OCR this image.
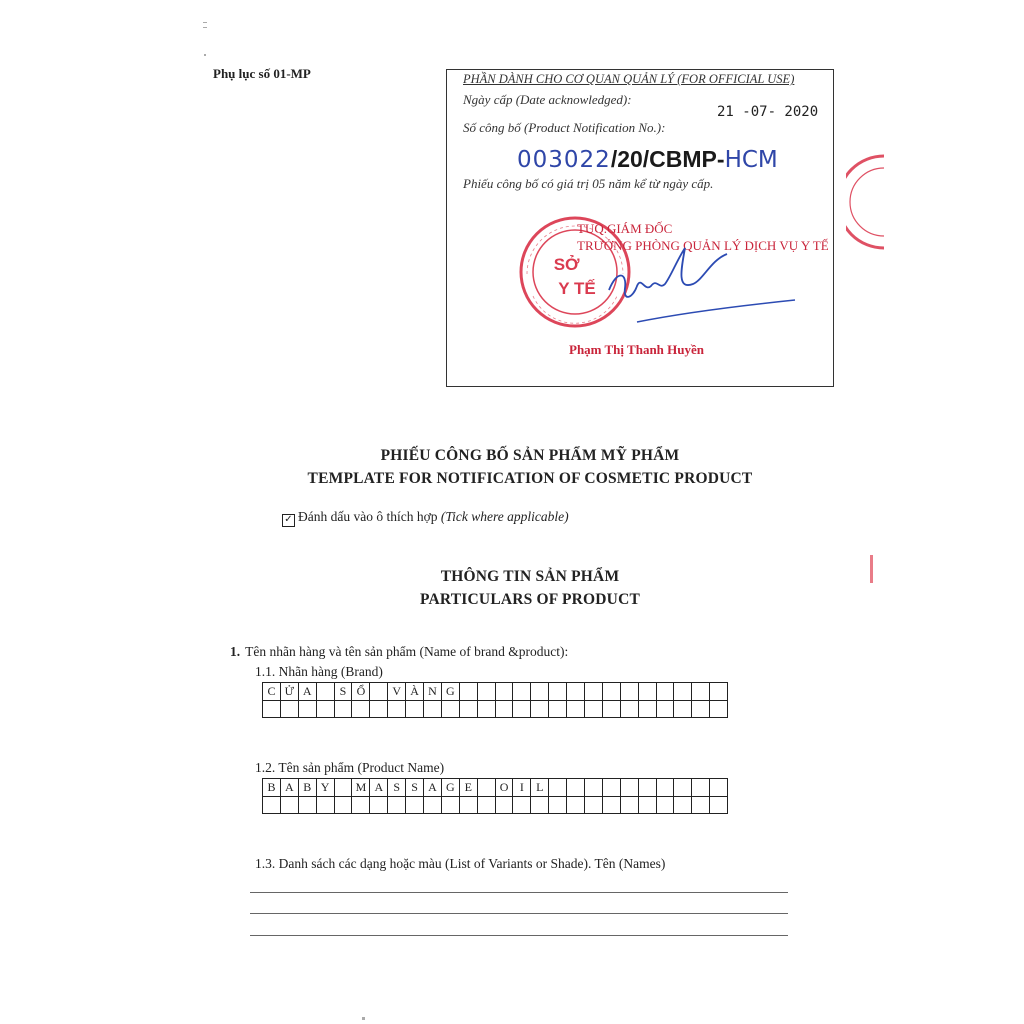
Phụ lục số 01-MP	PHẦN DÀNH CHO CƠ QUAN QUẢN LÝ (FOR OFFICIAL USE)
Ngày cấp (Date acknowledged):
21 -07- 2020
Số công bố (Product Notification No.):
003022/20/CBMP-HCM
Phiếu công bố có giá trị 05 năm kể từ ngày cấp.
SỞ Y TẾ
TUQ.GIÁM ĐỐC
TRƯỞNG PHÒNG QUẢN LÝ DỊCH VỤ Y TẾ
Phạm Thị Thanh Huyền
PHIẾU CÔNG BỐ SẢN PHẨM MỸ PHẨM
TEMPLATE FOR NOTIFICATION OF COSMETIC PRODUCT
✓ Đánh dấu vào ô thích hợp (Tick where applicable)
THÔNG TIN SẢN PHẨM
PARTICULARS OF PRODUCT
1. Tên nhãn hàng và tên sản phẩm (Name of brand &product):
1.1. Nhãn hàng (Brand)
C	Ử	A		S	Ổ		V	À	N	G															

1.2. Tên sản phẩm (Product Name)
B	A	B	Y		M	A	S	S	A	G	E		O	I	L										

1.3. Danh sách các dạng hoặc màu (List of Variants or Shade). Tên (Names)
